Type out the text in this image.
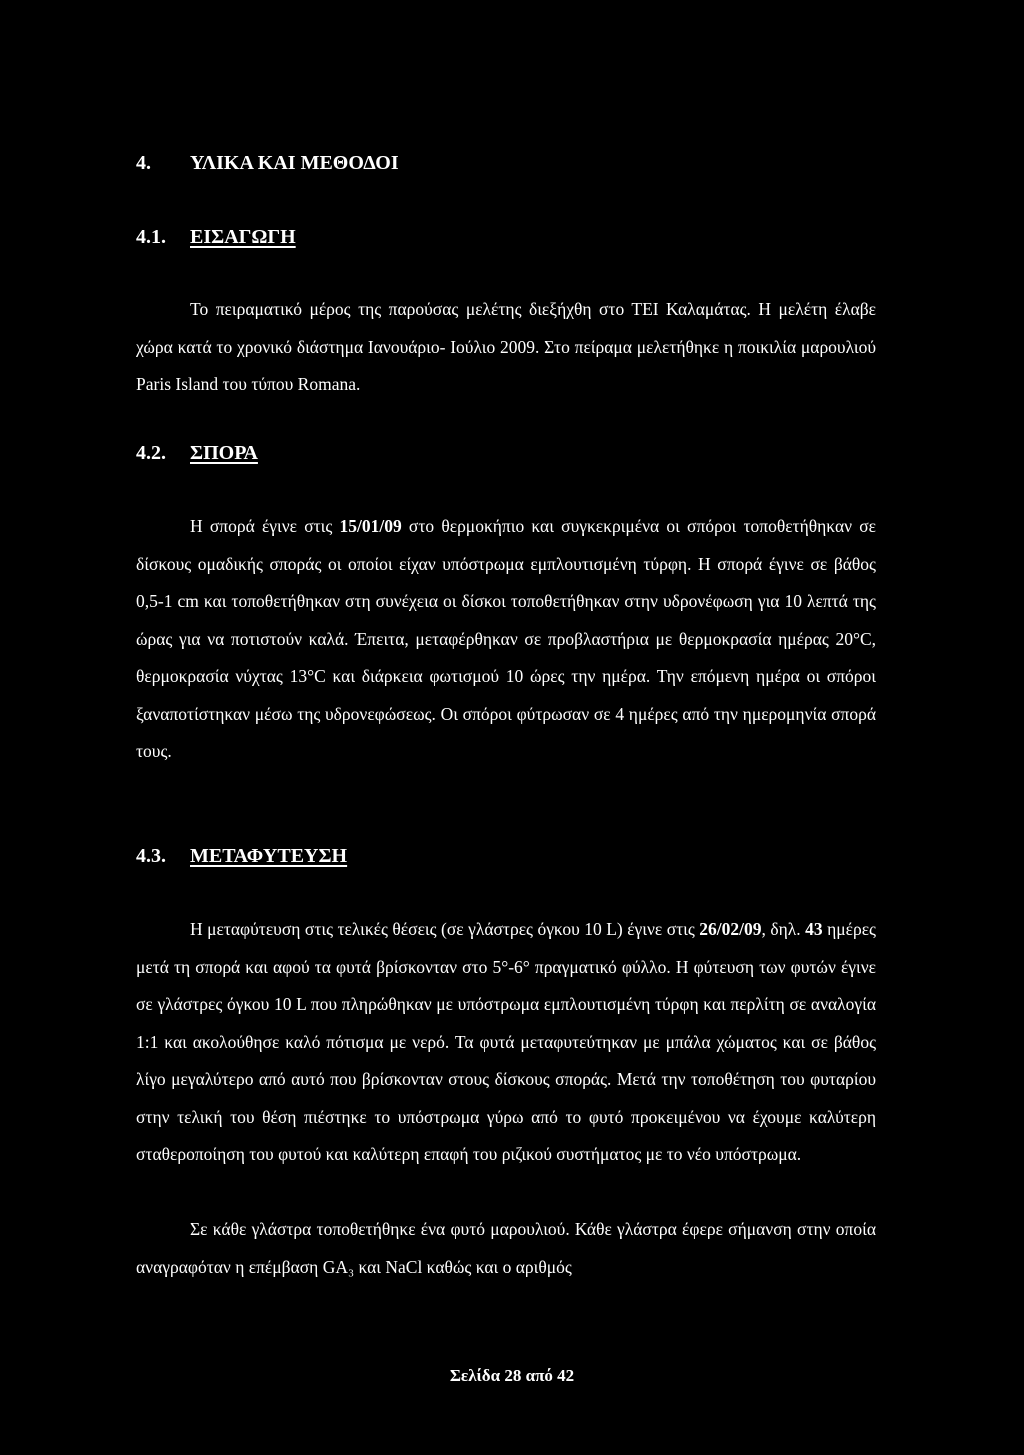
4. ΥΛΙΚΑ ΚΑΙ ΜΕΘΟΔΟΙ
4.1. ΕΙΣΑΓΩΓΗ
Το πειραματικό μέρος της παρούσας μελέτης διεξήχθη στο ΤΕΙ Καλαμάτας. Η μελέτη έλαβε χώρα κατά το χρονικό διάστημα Ιανουάριο- Ιούλιο 2009. Στο πείραμα μελετήθηκε η ποικιλία μαρουλιού Paris Island του τύπου Romana.
4.2. ΣΠΟΡΑ
Η σπορά έγινε στις 15/01/09 στο θερμοκήπιο και συγκεκριμένα οι σπόροι τοποθετήθηκαν σε δίσκους ομαδικής σποράς οι οποίοι είχαν υπόστρωμα εμπλουτισμένη τύρφη. Η σπορά έγινε σε βάθος 0,5-1 cm και τοποθετήθηκαν στη συνέχεια οι δίσκοι τοποθετήθηκαν στην υδρονέφωση για 10 λεπτά της ώρας για να ποτιστούν καλά. Έπειτα, μεταφέρθηκαν σε προβλαστήρια με θερμοκρασία ημέρας 20°C, θερμοκρασία νύχτας 13°C και διάρκεια φωτισμού 10 ώρες την ημέρα. Την επόμενη ημέρα οι σπόροι ξαναποτίστηκαν μέσω της υδρονεφώσεως. Οι σπόροι φύτρωσαν σε 4 ημέρες από την ημερομηνία σπορά τους.
4.3. ΜΕΤΑΦΥΤΕΥΣΗ
Η μεταφύτευση στις τελικές θέσεις (σε γλάστρες όγκου 10 L) έγινε στις 26/02/09, δηλ. 43 ημέρες μετά τη σπορά και αφού τα φυτά βρίσκονταν στο 5°-6° πραγματικό φύλλο. Η φύτευση των φυτών έγινε σε γλάστρες όγκου 10 L που πληρώθηκαν με υπόστρωμα εμπλουτισμένη τύρφη και περλίτη σε αναλογία 1:1 και ακολούθησε καλό πότισμα με νερό. Τα φυτά μεταφυτεύτηκαν με μπάλα χώματος και σε βάθος λίγο μεγαλύτερο από αυτό που βρίσκονταν στους δίσκους σποράς. Μετά την τοποθέτηση του φυταρίου στην τελική του θέση πιέστηκε το υπόστρωμα γύρω από το φυτό προκειμένου να έχουμε καλύτερη σταθεροποίηση του φυτού και καλύτερη επαφή του ριζικού συστήματος με το νέο υπόστρωμα.
Σε κάθε γλάστρα τοποθετήθηκε ένα φυτό μαρουλιού. Κάθε γλάστρα έφερε σήμανση στην οποία αναγραφόταν η επέμβαση GA₃ και NaCl καθώς και ο αριθμός
Σελίδα 28 από 42
